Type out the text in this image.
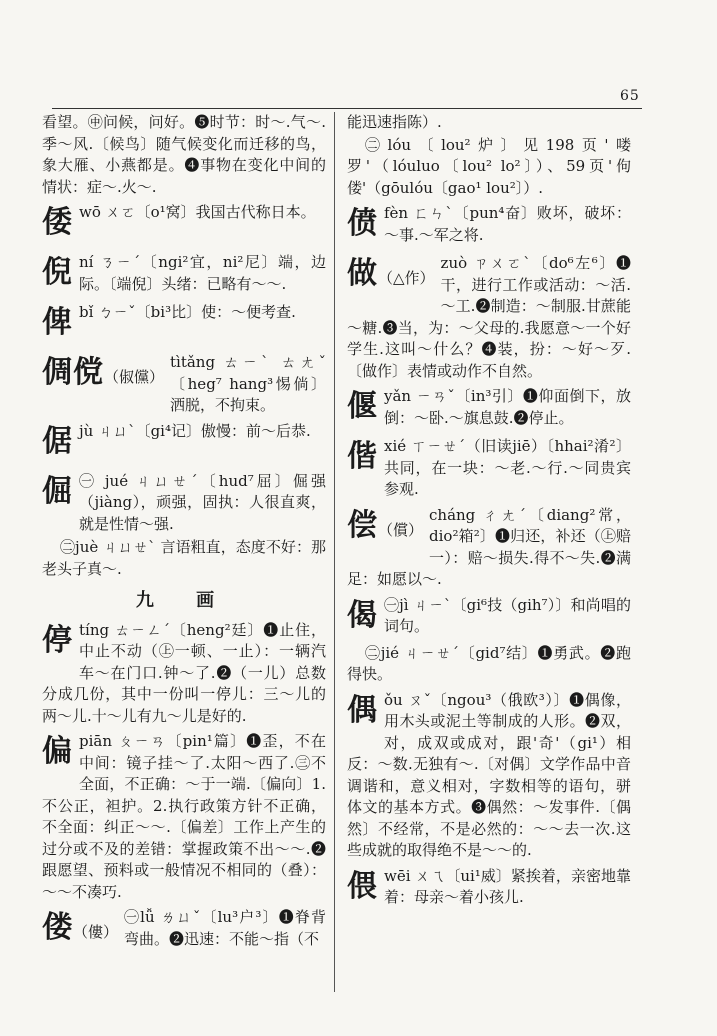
65

看望。㊥问候，问好。❺时节：时～.气～.季～风.〔候鸟〕随气候变化而迁移的鸟，象大雁、小燕都是。❹事物在变化中间的情状：症～.火～.

倭 wō ㄨㄛ〔o¹窝〕我国古代称日本。
倪 ní ㄋㄧˊ〔ngi²宜，ni²尼〕端，边际。〔端倪〕头绪：已略有～～.
俾 bǐ ㄅㄧˇ〔bi³比〕使：～便考查.
倜傥（俶儻）
tìtǎng ㄊㄧˋ ㄊㄤˇ〔heg⁷ hang³惕倘〕洒脱，不拘束。
倨 jù ㄐㄩˋ〔gi⁴记〕傲慢：前～后恭.
倔 ㊀ jué ㄐㄩㄝˊ〔hud⁷屈〕倔强（jiàng），顽强，固执：人很直爽，就是性情～强.

㊁juè ㄐㄩㄝˋ 言语粗直，态度不好：那老头子真～.

九 画
停 tíng ㄊㄧㄥˊ〔heng²廷〕❶止住，中止不动（㊤一顿、一止）：一辆汽车～在门口.钟～了.❷（一儿）总数分成几份，其中一份叫一停儿：三～儿的两～儿.十～儿有九～儿是好的.
偏 piān ㄆㄧㄢ〔pin¹篇〕❶歪，不在中间：镜子挂～了.太阳～西了.㊂不全面，不正确：～于一端.〔偏向〕1.不公正，袒护。2.执行政策方针不正确，不全面：纠正～～.〔偏差〕工作上产生的过分或不及的差错：掌握政策不出～～.❷跟愿望、预料或一般情况不相同的（叠）：～～不凑巧.
偻（僂）
㊀lǚ ㄌㄩˇ〔lu³户³〕❶脊背弯曲。❷迅速：不能～指（不

能迅速指陈）.

㊁lóu〔lou²炉〕见198页'喽罗'（lóuluo〔lou² lo²〕）、59页'佝偻'（gōulóu〔gao¹ lou²〕）.

偾 fèn ㄈㄣˋ〔pun⁴奋〕败坏，破坏：～事.～军之将.
做（△作）
zuò ㄗㄨㄛˋ〔do⁶左⁶〕❶干，进行工作或活动：～活.～工.❷制造：～制服.甘蔗能～糖.❸当，为：～父母的.我愿意～一个好学生.这叫～什么？❹装，扮：～好～歹.〔做作〕表情或动作不自然。
偃 yǎn ㄧㄢˇ〔in³引〕❶仰面倒下，放倒：～卧.～旗息鼓.❷停止。
偕 xié ㄒㄧㄝˊ（旧读jiē）〔hhai²淆²〕共同，在一块：～老.～行.～同贵宾参观.
偿（償）
cháng ㄔㄤˊ〔diang²常，dio²箱²〕❶归还，补还（㊤赔一）：赔～损失.得不～失.❷满足：如愿以～.
偈 ㊀jì ㄐㄧˋ〔gi⁶技（gih⁷）〕和尚唱的词句。

㊁jié ㄐㄧㄝˊ〔gid⁷结〕❶勇武。❷跑得快。

偶 ǒu ㄡˇ〔ngou³（俄欧³）〕❶偶像，用木头或泥土等制成的人形。❷双，对，成双或成对，跟'奇'（gi¹）相反：～数.无独有～.〔对偶〕文学作品中音调谐和，意义相对，字数相等的语句，骈体文的基本方式。❸偶然：～发事件.〔偶然〕不经常，不是必然的：～～去一次.这些成就的取得绝不是～～的.
偎 wēi ㄨㄟ〔ui¹威〕紧挨着，亲密地靠着：母亲～着小孩儿.
